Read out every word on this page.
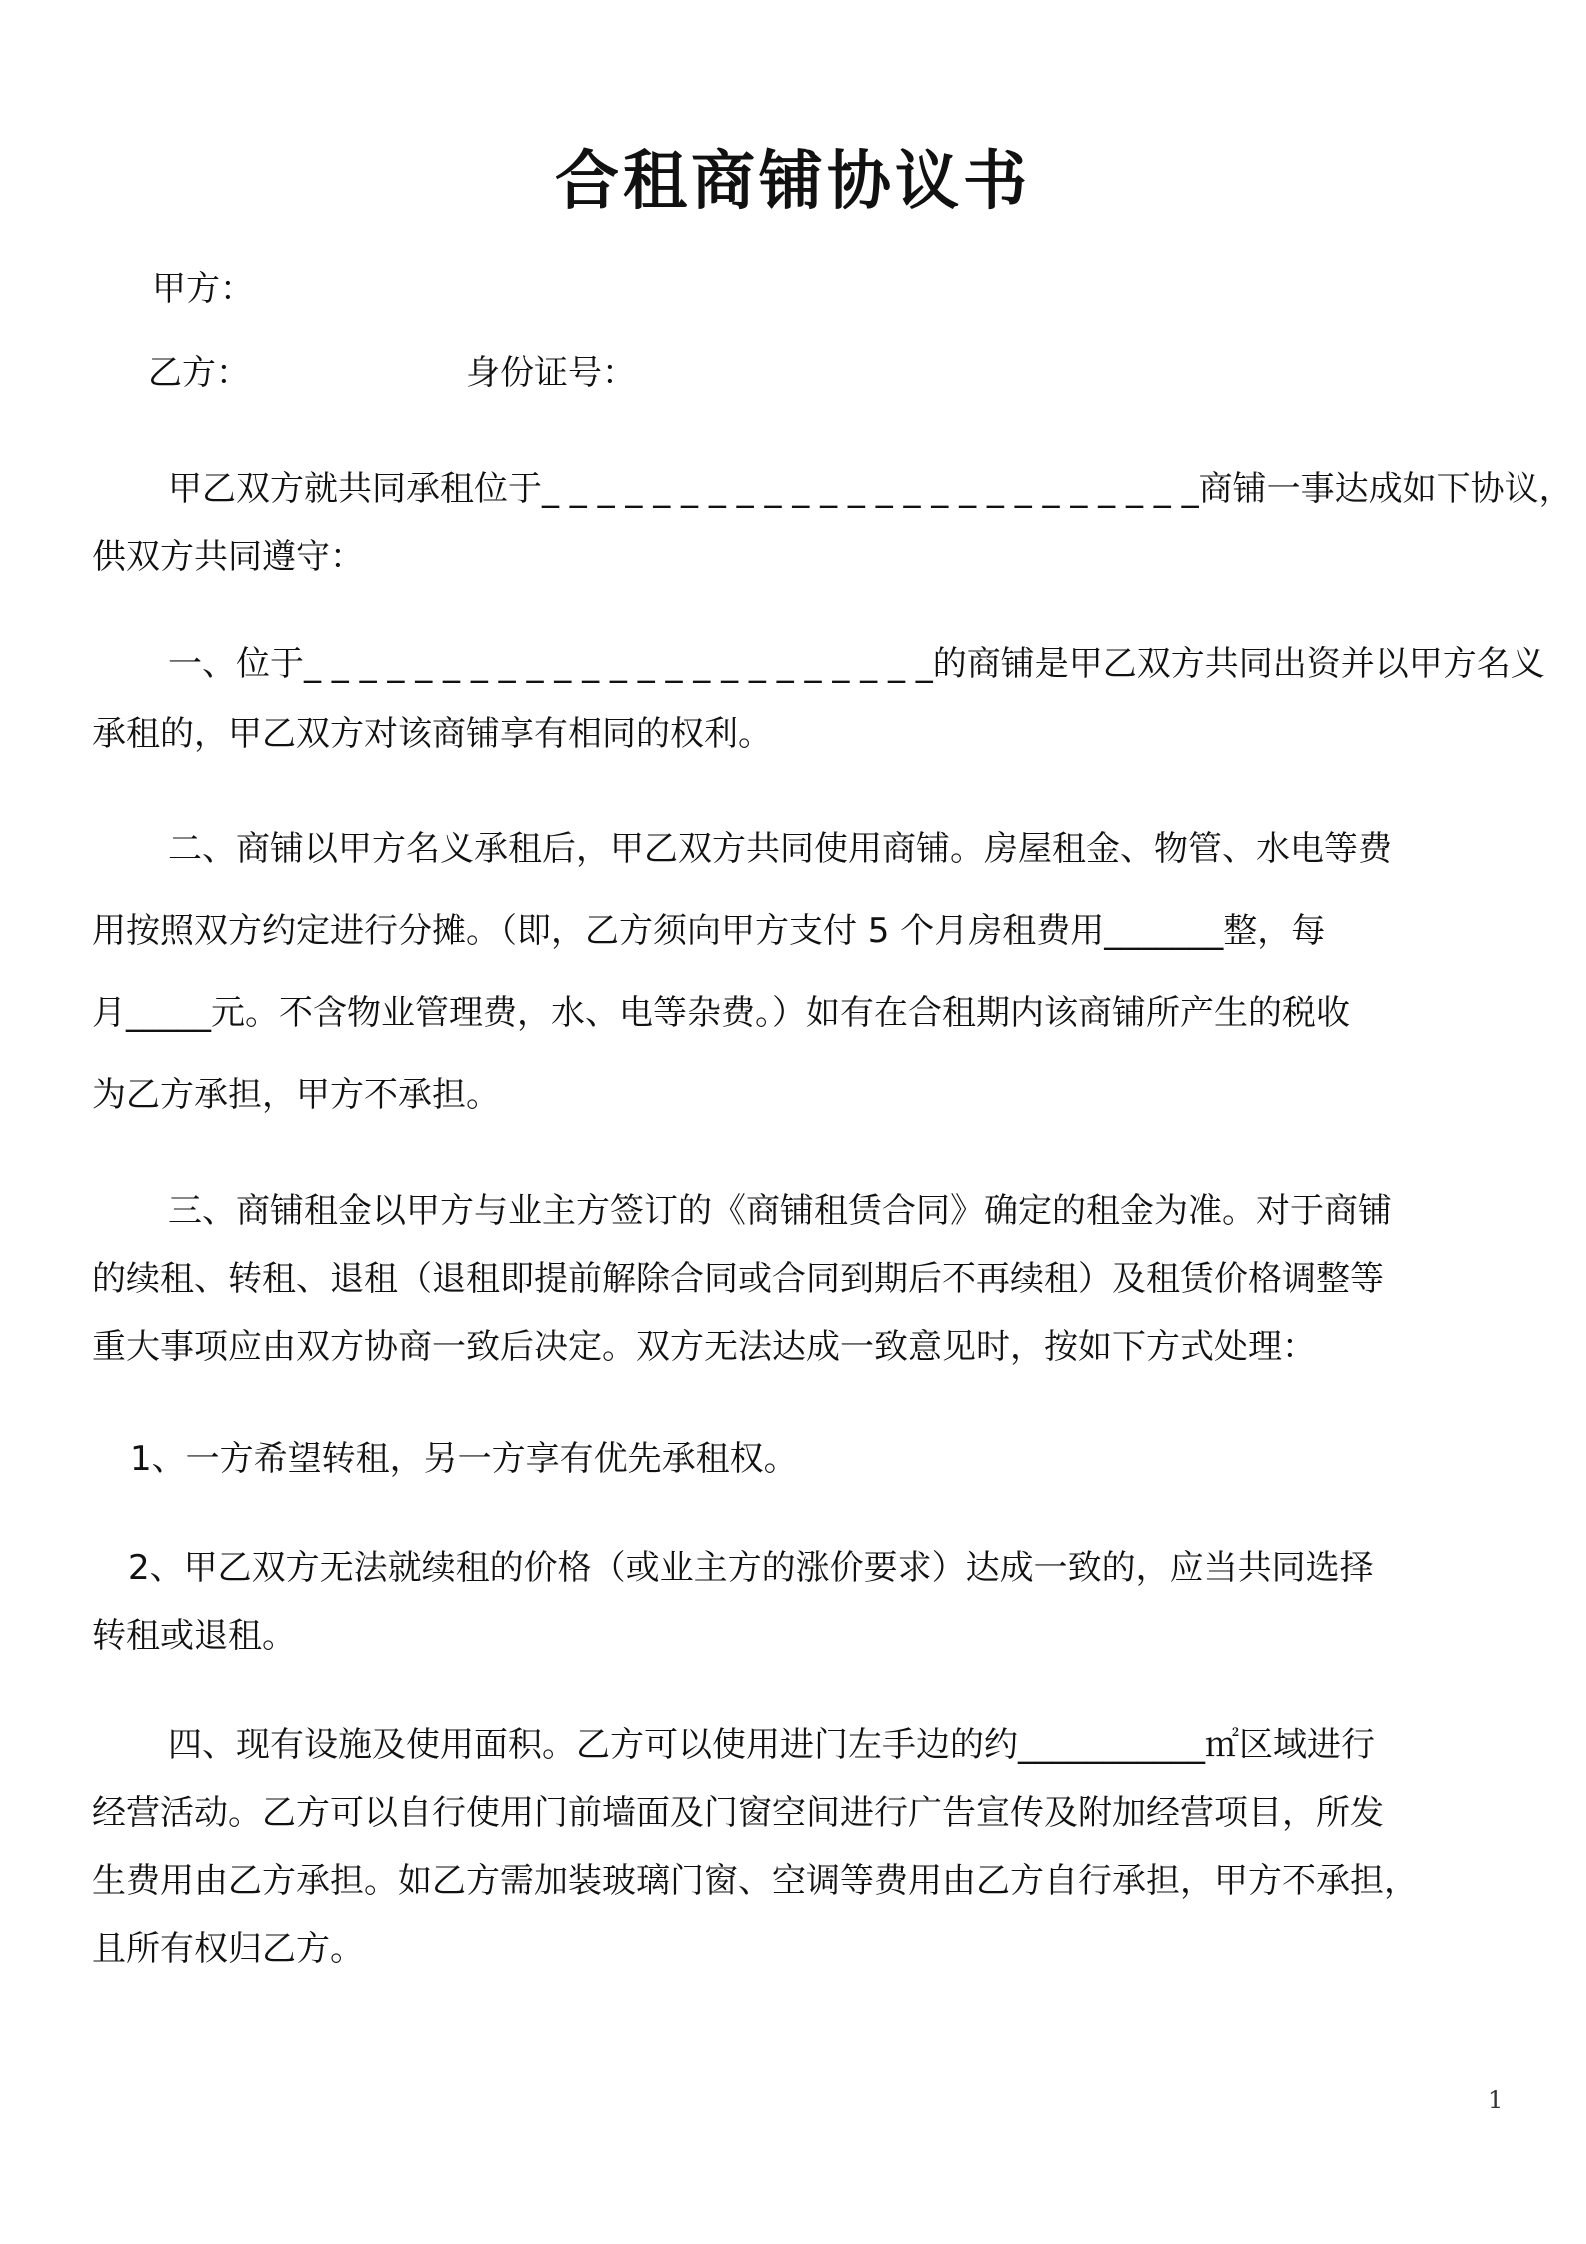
合租商铺协议书
甲方：
乙方：	身份证号：
甲乙双方就共同承租位于_ _ _ _ _ _ _ _ _ _ _ _ _ _ _ _ _ _ _ _ _ _ _ _商铺一事达成如下协议，
供双方共同遵守：
一、位于_ _ _ _ _ _ _ _ _ _ _ _ _ _ _ _ _ _ _ _ _ _ _的商铺是甲乙双方共同出资并以甲方名义
承租的，甲乙双方对该商铺享有相同的权利。
二、商铺以甲方名义承租后，甲乙双方共同使用商铺。房屋租金、物管、水电等费
用按照双方约定进行分摊。（即，乙方须向甲方支付 5 个月房租费用_______整，每
月_____元。不含物业管理费，水、电等杂费。）如有在合租期内该商铺所产生的税收
为乙方承担，甲方不承担。
三、商铺租金以甲方与业主方签订的《商铺租赁合同》确定的租金为准。对于商铺
的续租、转租、退租（退租即提前解除合同或合同到期后不再续租）及租赁价格调整等
重大事项应由双方协商一致后决定。双方无法达成一致意见时，按如下方式处理：
1、一方希望转租，另一方享有优先承租权。
2、甲乙双方无法就续租的价格（或业主方的涨价要求）达成一致的，应当共同选择
转租或退租。
四、现有设施及使用面积。乙方可以使用进门左手边的约___________㎡区域进行
经营活动。乙方可以自行使用门前墙面及门窗空间进行广告宣传及附加经营项目，所发
生费用由乙方承担。如乙方需加装玻璃门窗、空调等费用由乙方自行承担，甲方不承担，
且所有权归乙方。
1
